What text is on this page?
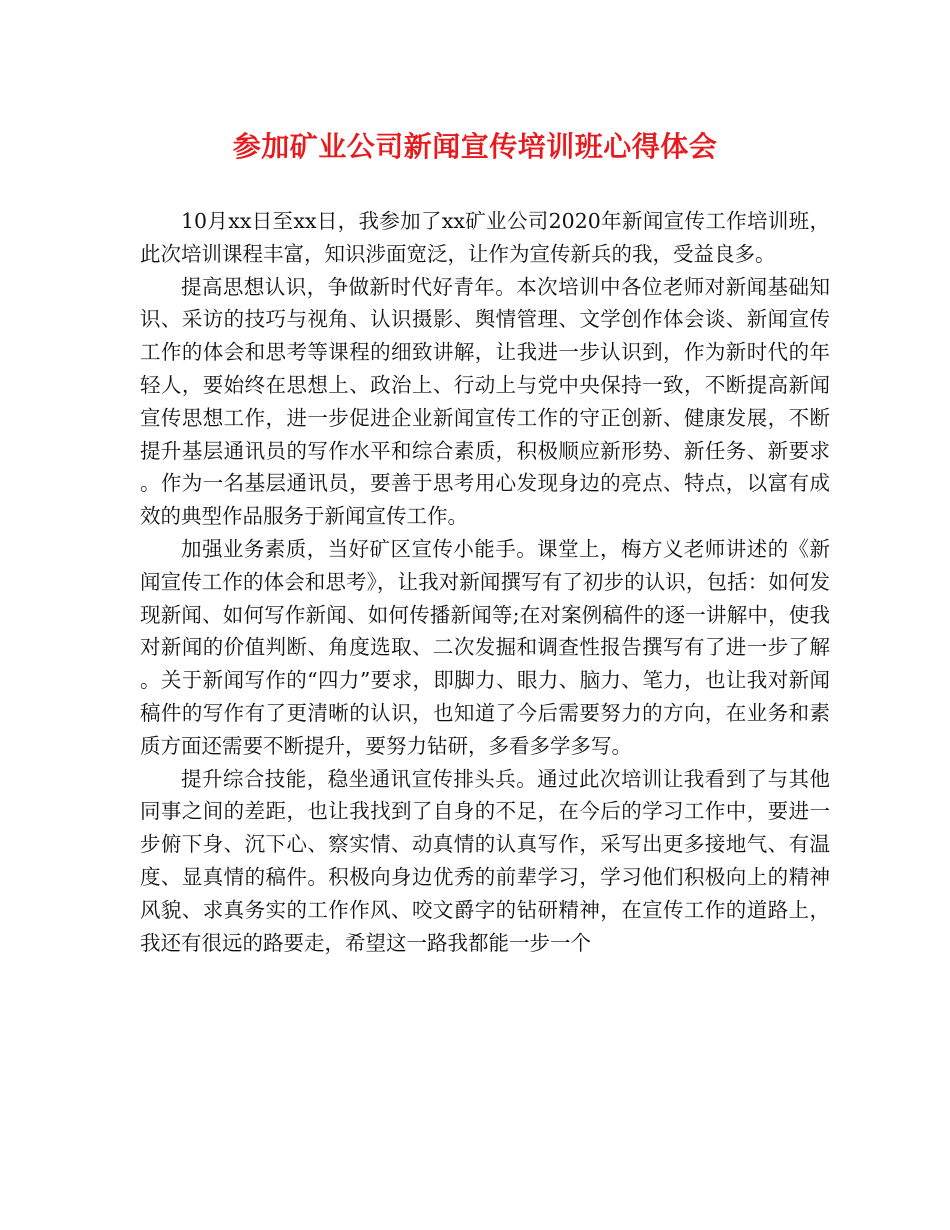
参加矿业公司新闻宣传培训班心得体会

10月xx日至xx日，我参加了xx矿业公司2020年新闻宣传工作培训班，此次培训课程丰富，知识涉面宽泛，让作为宣传新兵的我，受益良多。

提高思想认识，争做新时代好青年。本次培训中各位老师对新闻基础知识、采访的技巧与视角、认识摄影、舆情管理、文学创作体会谈、新闻宣传工作的体会和思考等课程的细致讲解，让我进一步认识到，作为新时代的年轻人，要始终在思想上、政治上、行动上与党中央保持一致，不断提高新闻宣传思想工作，进一步促进企业新闻宣传工作的守正创新、健康发展，不断提升基层通讯员的写作水平和综合素质，积极顺应新形势、新任务、新要求。作为一名基层通讯员，要善于思考用心发现身边的亮点、特点，以富有成效的典型作品服务于新闻宣传工作。

加强业务素质，当好矿区宣传小能手。课堂上，梅方义老师讲述的《新闻宣传工作的体会和思考》，让我对新闻撰写有了初步的认识，包括：如何发现新闻、如何写作新闻、如何传播新闻等;在对案例稿件的逐一讲解中，使我对新闻的价值判断、角度选取、二次发掘和调查性报告撰写有了进一步了解。关于新闻写作的“四力”要求，即脚力、眼力、脑力、笔力，也让我对新闻稿件的写作有了更清晰的认识，也知道了今后需要努力的方向，在业务和素质方面还需要不断提升，要努力钻研，多看多学多写。

提升综合技能，稳坐通讯宣传排头兵。通过此次培训让我看到了与其他同事之间的差距，也让我找到了自身的不足，在今后的学习工作中，要进一步俯下身、沉下心、察实情、动真情的认真写作，采写出更多接地气、有温度、显真情的稿件。积极向身边优秀的前辈学习，学习他们积极向上的精神风貌、求真务实的工作作风、咬文爵字的钻研精神，在宣传工作的道路上，我还有很远的路要走，希望这一路我都能一步一个
